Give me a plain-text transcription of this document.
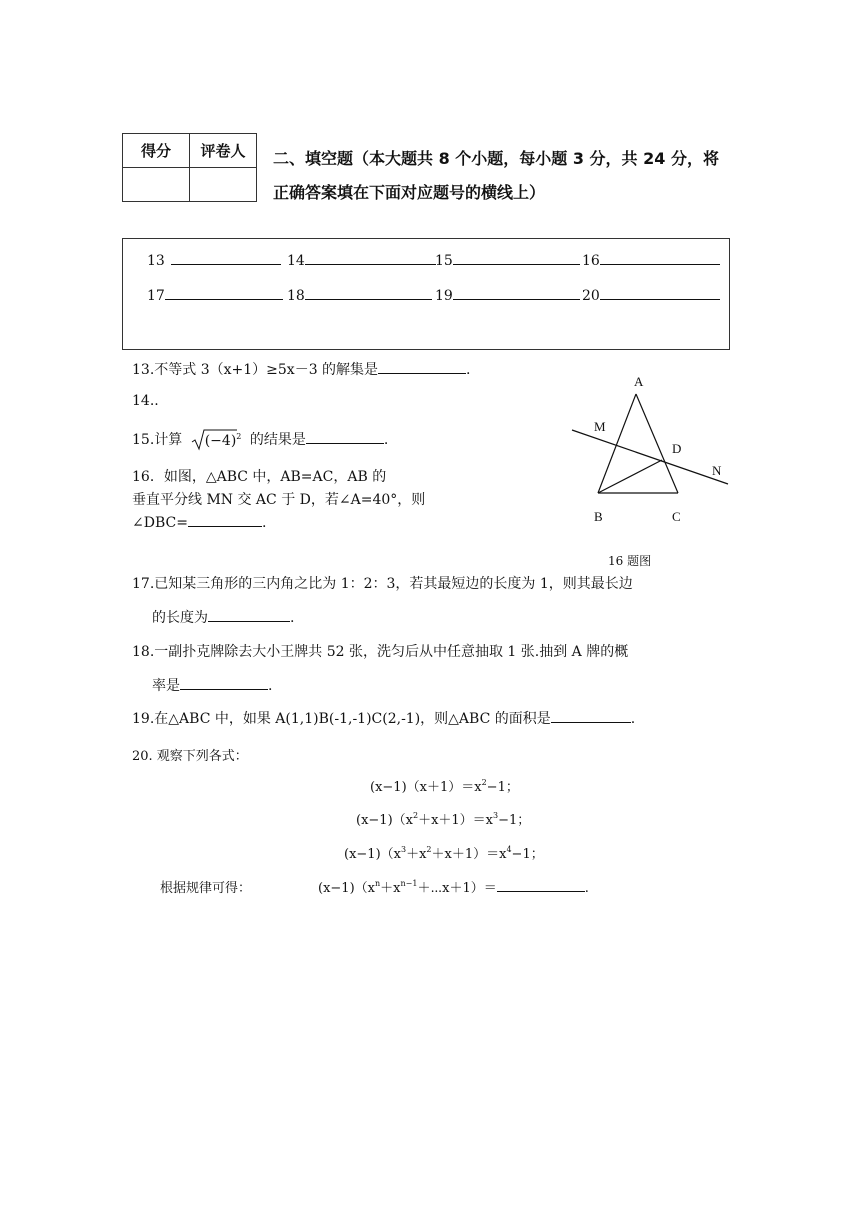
得分	评卷人
	二、填空题（本大题共 8 个小题，每小题 3 分，共 24 分，将
正确答案填在下面对应题号的横线上）
13	14	15	16
17	18	19	20
13.不等式 3（x+1）≥5x－3 的解集是	.
14..
15.计算 $(-4)^2$ 的结果是	.
16．如图，△ABC 中，AB=AC，AB 的
垂直平分线 MN 交 AC 于 D，若∠A=40°，则
∠DBC=	.
A
M
D
N
B	C
16 题图
17.已知某三角形的三内角之比为 1：2：3，若其最短边的长度为 1，则其最长边
的长度为	.
18.一副扑克牌除去大小王牌共 52 张，洗匀后从中任意抽取 1 张.抽到 A 牌的概
率是	.
19.在△ABC 中，如果 A(1,1)B(-1,-1)C(2,-1)，则△ABC 的面积是	.
20. 观察下列各式：
$(x-1)(x+1)=x^2-1$；
$(x-1)(x^2+x+1)=x^3-1$；
$(x-1)(x^3+x^2+x+1)=x^4-1$；
根据规律可得：	$(x-1)(x^n+x^{n-1}+\cdots x+1)=$	.
